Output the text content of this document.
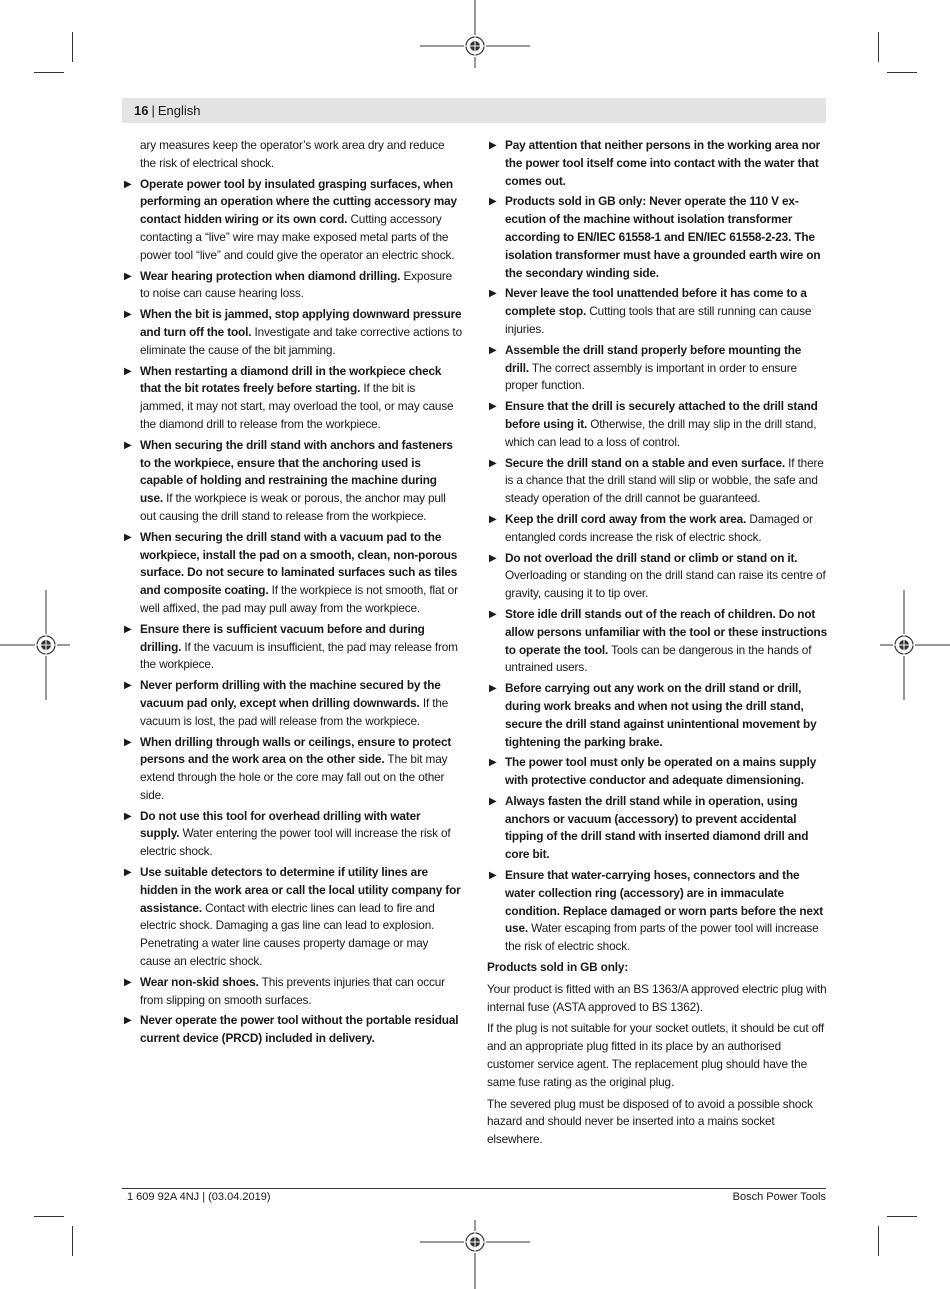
16 | English
ary measures keep the operator’s work area dry and reduce the risk of electrical shock.
▶ Operate power tool by insulated grasping surfaces, when performing an operation where the cutting accessory may contact hidden wiring or its own cord. Cutting accessory contacting a “live” wire may make exposed metal parts of the power tool “live” and could give the operator an electric shock.
▶ Wear hearing protection when diamond drilling. Exposure to noise can cause hearing loss.
▶ When the bit is jammed, stop applying downward pressure and turn off the tool. Investigate and take corrective actions to eliminate the cause of the bit jamming.
▶ When restarting a diamond drill in the workpiece check that the bit rotates freely before starting. If the bit is jammed, it may not start, may overload the tool, or may cause the diamond drill to release from the workpiece.
▶ When securing the drill stand with anchors and fasteners to the workpiece, ensure that the anchoring used is capable of holding and restraining the machine during use. If the workpiece is weak or porous, the anchor may pull out causing the drill stand to release from the workpiece.
▶ When securing the drill stand with a vacuum pad to the workpiece, install the pad on a smooth, clean, non-porous surface. Do not secure to laminated surfaces such as tiles and composite coating. If the workpiece is not smooth, flat or well affixed, the pad may pull away from the workpiece.
▶ Ensure there is sufficient vacuum before and during drilling. If the vacuum is insufficient, the pad may release from the workpiece.
▶ Never perform drilling with the machine secured by the vacuum pad only, except when drilling downwards. If the vacuum is lost, the pad will release from the workpiece.
▶ When drilling through walls or ceilings, ensure to protect persons and the work area on the other side. The bit may extend through the hole or the core may fall out on the other side.
▶ Do not use this tool for overhead drilling with water supply. Water entering the power tool will increase the risk of electric shock.
▶ Use suitable detectors to determine if utility lines are hidden in the work area or call the local utility company for assistance. Contact with electric lines can lead to fire and electric shock. Damaging a gas line can lead to explosion. Penetrating a water line causes property damage or may cause an electric shock.
▶ Wear non-skid shoes. This prevents injuries that can occur from slipping on smooth surfaces.
▶ Never operate the power tool without the portable residual current device (PRCD) included in delivery.
▶ Pay attention that neither persons in the working area nor the power tool itself come into contact with the water that comes out.
▶ Products sold in GB only: Never operate the 110 V execution of the machine without isolation transformer according to EN/IEC 61558-1 and EN/IEC 61558-2-23. The isolation transformer must have a grounded earth wire on the secondary winding side.
▶ Never leave the tool unattended before it has come to a complete stop. Cutting tools that are still running can cause injuries.
▶ Assemble the drill stand properly before mounting the drill. The correct assembly is important in order to ensure proper function.
▶ Ensure that the drill is securely attached to the drill stand before using it. Otherwise, the drill may slip in the drill stand, which can lead to a loss of control.
▶ Secure the drill stand on a stable and even surface. If there is a chance that the drill stand will slip or wobble, the safe and steady operation of the drill cannot be guaranteed.
▶ Keep the drill cord away from the work area. Damaged or entangled cords increase the risk of electric shock.
▶ Do not overload the drill stand or climb or stand on it. Overloading or standing on the drill stand can raise its centre of gravity, causing it to tip over.
▶ Store idle drill stands out of the reach of children. Do not allow persons unfamiliar with the tool or these instructions to operate the tool. Tools can be dangerous in the hands of untrained users.
▶ Before carrying out any work on the drill stand or drill, during work breaks and when not using the drill stand, secure the drill stand against unintentional movement by tightening the parking brake.
▶ The power tool must only be operated on a mains supply with protective conductor and adequate dimensioning.
▶ Always fasten the drill stand while in operation, using anchors or vacuum (accessory) to prevent accidental tipping of the drill stand with inserted diamond drill and core bit.
▶ Ensure that water-carrying hoses, connectors and the water collection ring (accessory) are in immaculate condition. Replace damaged or worn parts before the next use. Water escaping from parts of the power tool will increase the risk of electric shock.
Products sold in GB only:
Your product is fitted with an BS 1363/A approved electric plug with internal fuse (ASTA approved to BS 1362).
If the plug is not suitable for your socket outlets, it should be cut off and an appropriate plug fitted in its place by an authorised customer service agent. The replacement plug should have the same fuse rating as the original plug.
The severed plug must be disposed of to avoid a possible shock hazard and should never be inserted into a mains socket elsewhere.
1 609 92A 4NJ | (03.04.2019)	Bosch Power Tools
